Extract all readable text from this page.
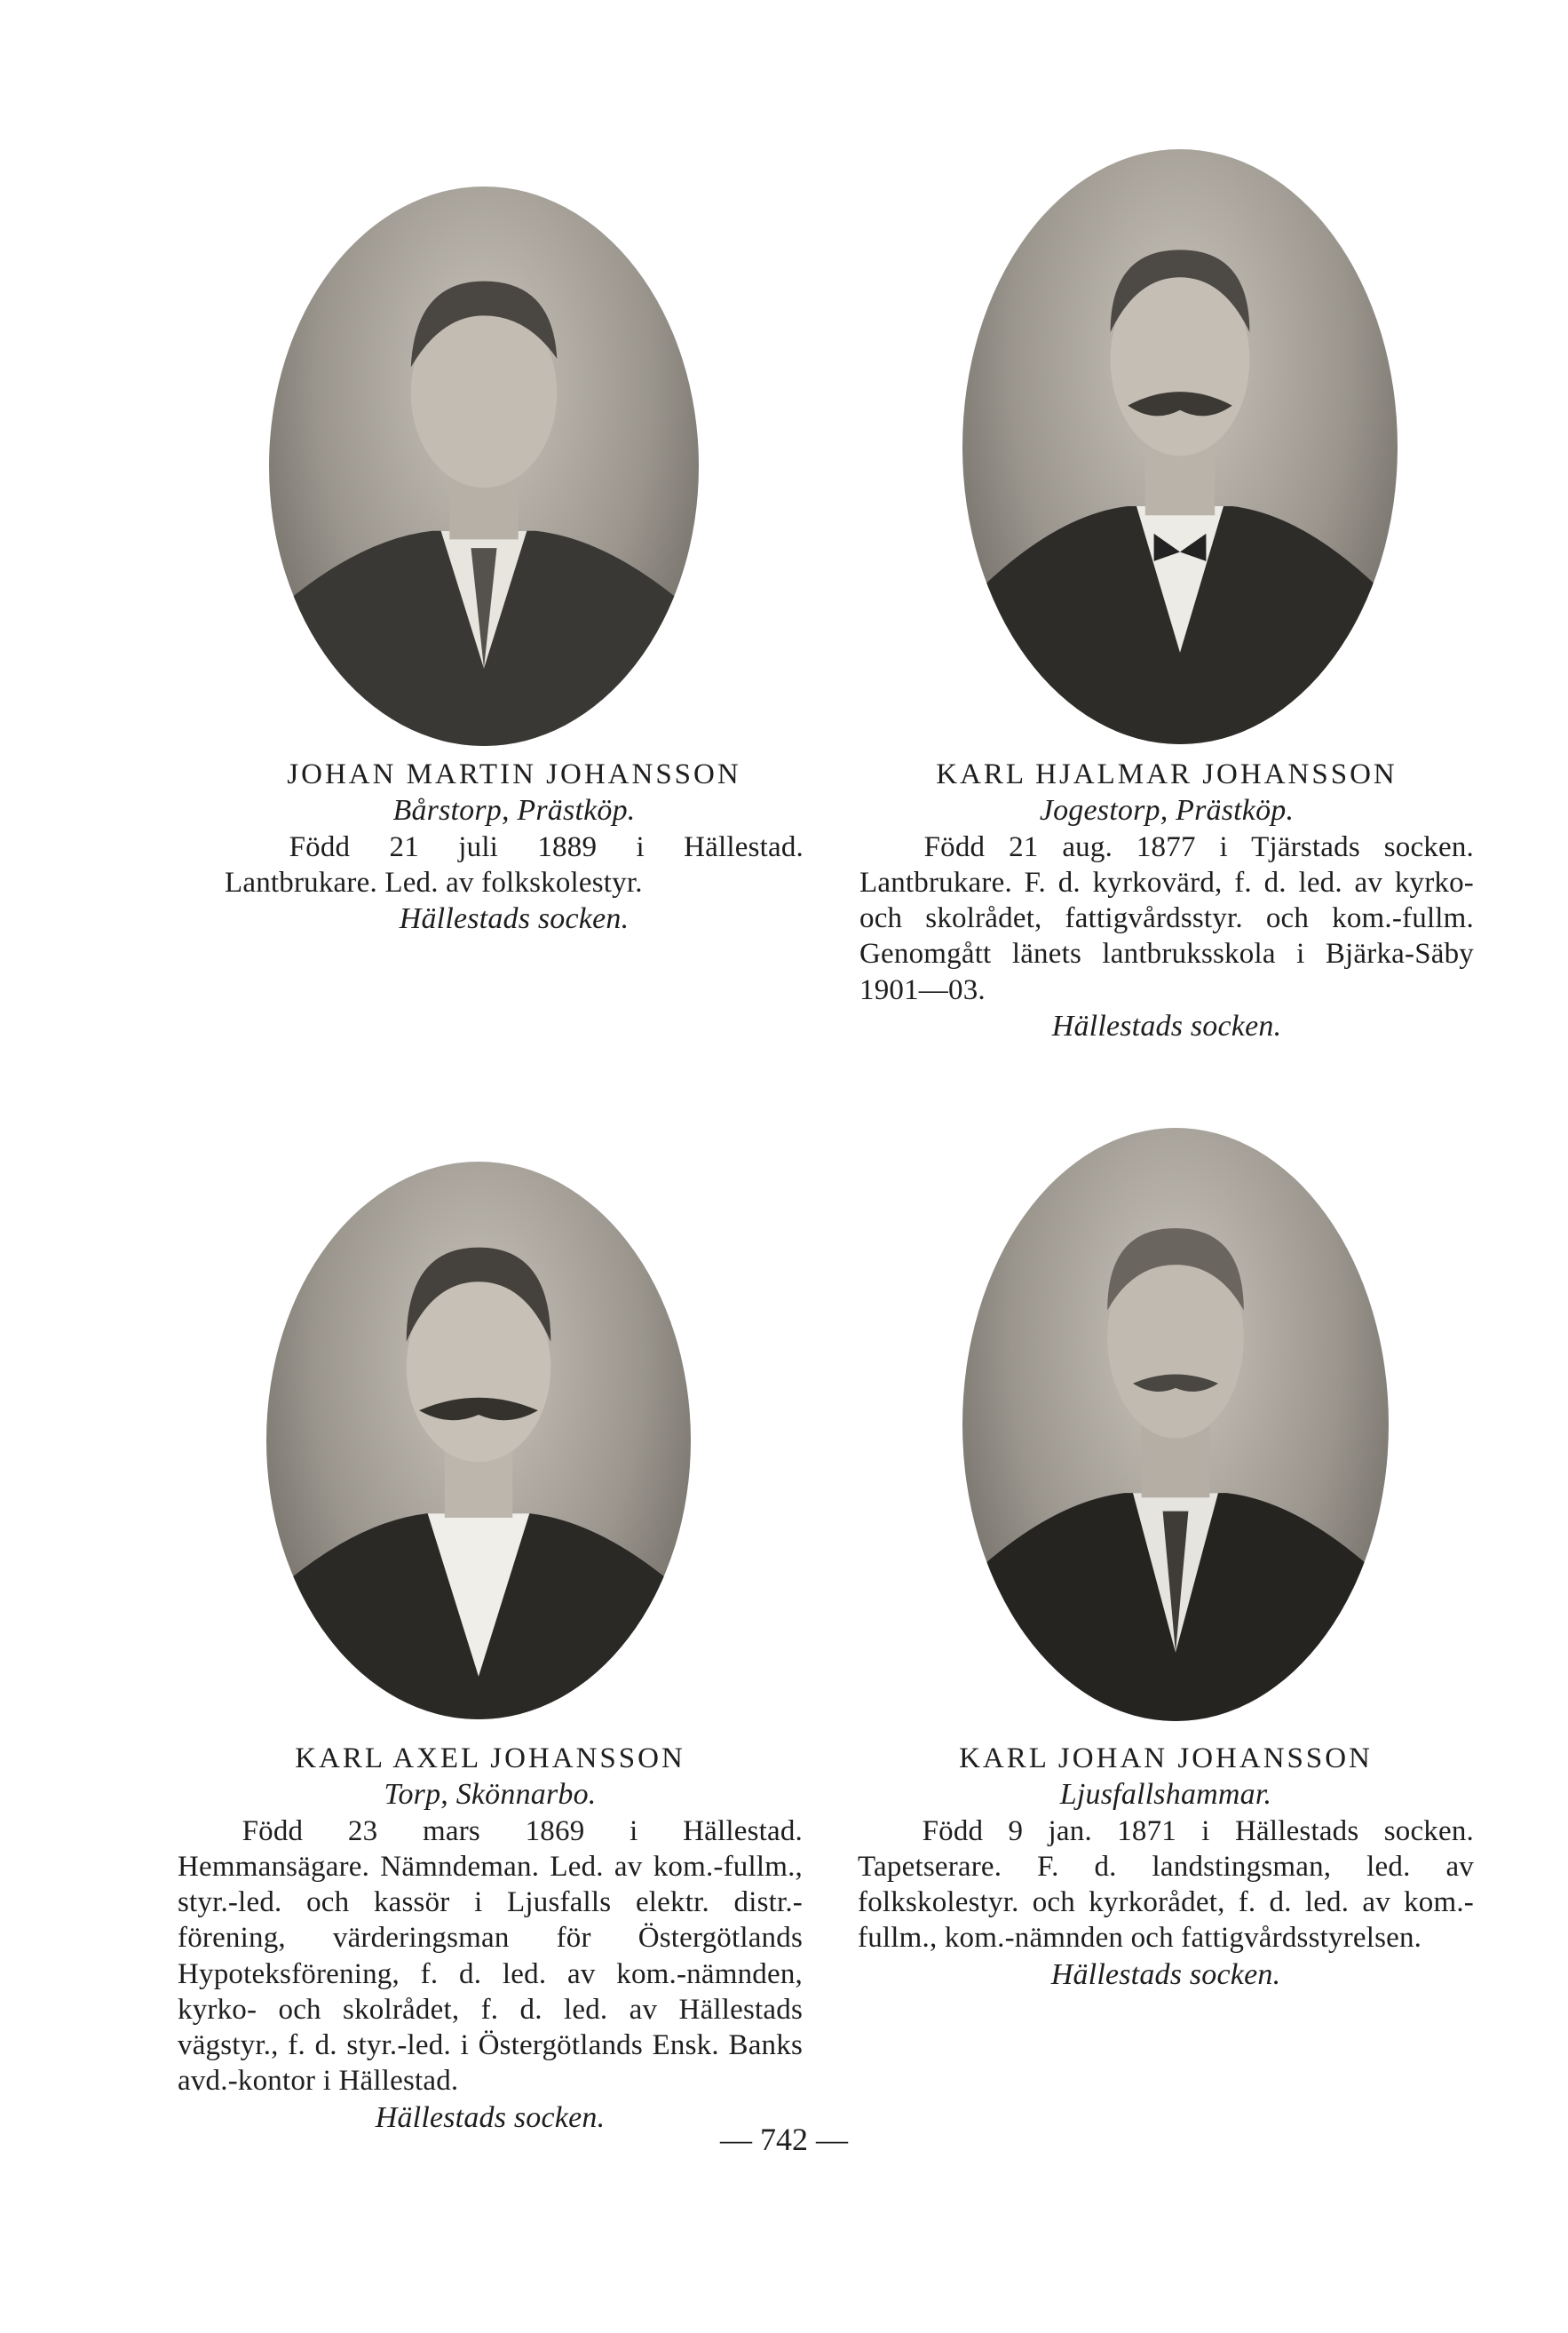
JOHAN MARTIN JOHANSSON
Bårstorp, Prästköp.
Född 21 juli 1889 i Hällestad. Lantbrukare. Led. av folkskolestyr.
Hällestads socken.
KARL HJALMAR JOHANSSON
Jogestorp, Prästköp.
Född 21 aug. 1877 i Tjärstads socken. Lantbrukare. F. d. kyrkovärd, f. d. led. av kyrko- och skolrådet, fattigvårdsstyr. och kom.-fullm. Genomgått länets lantbruksskola i Bjärka-Säby 1901—03.
Hällestads socken.
KARL AXEL JOHANSSON
Torp, Skönnarbo.
Född 23 mars 1869 i Hällestad. Hemmansägare. Nämndeman. Led. av kom.-fullm., styr.-led. och kassör i Ljusfalls elektr. distr.-förening, värderingsman för Östergötlands Hypoteksförening, f. d. led. av kom.-nämnden, kyrko- och skolrådet, f. d. led. av Hällestads vägstyr., f. d. styr.-led. i Östergötlands Ensk. Banks avd.-kontor i Hällestad.
Hällestads socken.
KARL JOHAN JOHANSSON
Ljusfallshammar.
Född 9 jan. 1871 i Hällestads socken. Tapetserare. F. d. landstingsman, led. av folkskolestyr. och kyrkorådet, f. d. led. av kom.-fullm., kom.-nämnden och fattigvårdsstyrelsen.
Hällestads socken.
— 742 —
